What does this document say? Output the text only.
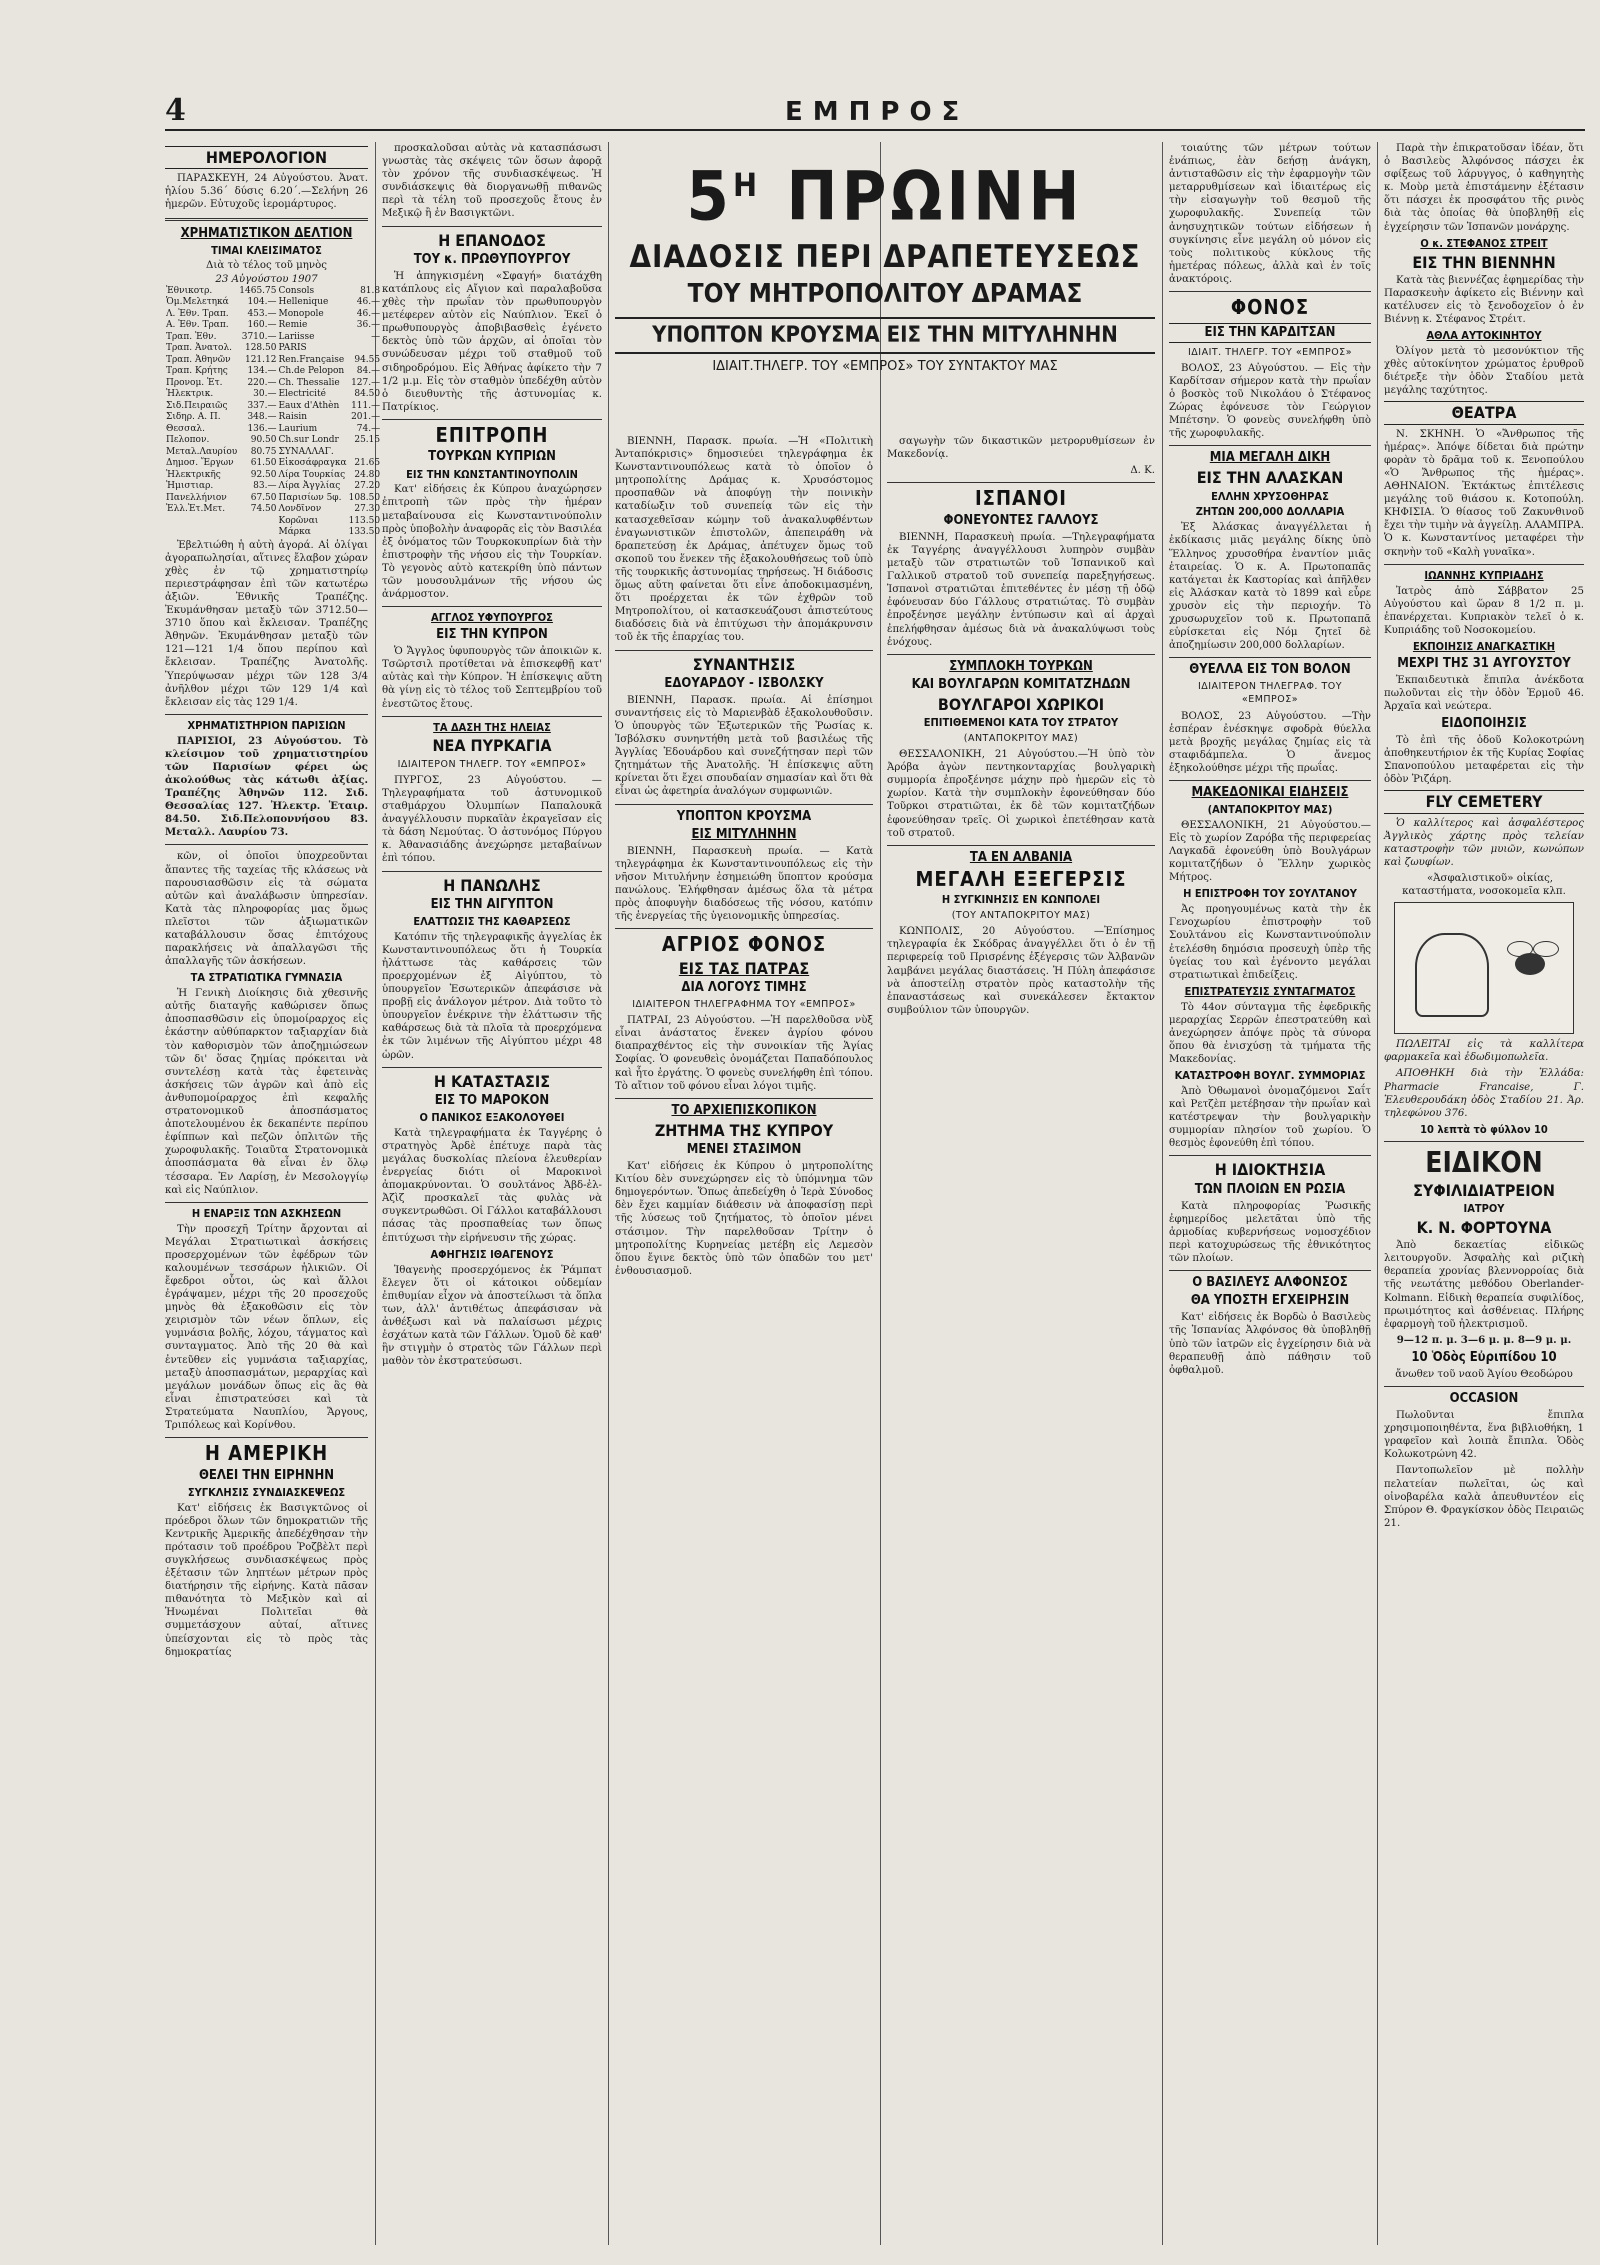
4	ΕΜΠΡΟΣ
ΗΜΕΡΟΛΟΓΙΟΝ

ΠΑΡΑΣΚΕΥΗ, 24 Αὐγούστου. Ἀνατ. ἡλίου 5.36΄ δύσις 6.20΄.—Σελήνη 26 ἡμερῶν. Εὐτυχοῦς ἱερομάρτυρος.

ΧΡΗΜΑΤΙΣΤΙΚΟΝ ΔΕΛΤΙΟΝ
ΤΙΜΑΙ ΚΛΕΙΣΙΜΑΤΟΣ
Διὰ τὸ τέλος τοῦ μηνὸς
23 Αὐγούστου 1907
Ἐθνικοτρ.	1465.75	Consols	81.8
Ὁμ.Μελετηκά	104.—	Hellenique	46.—
Λ. Ἐθν. Τραπ.	453.—	Monopole	46.—
Α. Ἐθν. Τραπ.	160.—	Remie	36.—
Τραπ. Ἐθν.	3710.—	Lariisse	—
Τραπ. Ἀνατολ.	128.50	PARIS	
Τραπ. Ἀθηνῶν	121.12	Ren.Française	94.55
Τραπ. Κρήτης	134.—	Ch.de Pelopon	84.—
Προνομ. Ἑτ.	220.—	Ch. Thessalie	127.—
Ἠλεκτρικ.	30.—	Electricité	84.50
Σιδ.Πειραιῶς	337.—	Eaux d'Athèn	111.—
Σιδηρ. Α. Π.	348.—	Raisin	201.—
Θεσσαλ.	136.—	Laurium	74.—
Πελοπον.	90.50	Ch.sur Londr	25.15
Μεταλ.Λαυρίου	80.75	ΣΥΝΑΛΛΑΓ.	
Δημοσ. Ἔργων	61.50	Εἰκοσάφραγκα	21.65
Ἠλεκτρικῆς	92.50	Λίρα Τουρκίας	24.80
Ἠμιστιαρ.	83.—	Λίρα Ἀγγλίας	27.20
Πανελλήνιον	67.50	Παρισίων 5φ.	108.50
Ἑλλ.Ἐτ.Μετ.	74.50	Λονδῖνον	27.30
		Κορῶναι	113.50
		Μάρκα	133.50

Ἐβελτιώθη ἡ αὐτὴ ἀγορά. Αἱ ὀλίγαι ἀγοραπωλησίαι, αἵτινες ἔλαβον χώραν χθὲς ἐν τῷ χρηματιστηρίῳ περιεστράφησαν ἐπὶ τῶν κατωτέρω ἀξιῶν. Ἐθνικῆς Τραπέζης. Ἐκυμάνθησαν μεταξὺ τῶν 3712.50—3710 ὅπου καὶ ἔκλεισαν. Τραπέζης Ἀθηνῶν. Ἐκυμάνθησαν μεταξὺ τῶν 121—121 1/4 ὅπου περίπου καὶ ἔκλεισαν. Τραπέζης Ἀνατολῆς. Ὑπερύψωσαν μέχρι τῶν 128 3/4 ἀνῆλθον μέχρι τῶν 129 1/4 καὶ ἔκλεισαν εἰς τὰς 129 1/4.

ΧΡΗΜΑΤΙΣΤΗΡΙΟΝ ΠΑΡΙΣΙΩΝ

ΠΑΡΙΣΙΟΙ, 23 Αὐγούστου. Τὸ κλείσιμον τοῦ χρηματιστηρίου τῶν Παρισίων φέρει ὡς ἀκολούθως τὰς κάτωθι ἀξίας. Τραπέζης Ἀθηνῶν 112. Σιδ. Θεσσαλίας 127. Ἠλεκτρ. Ἑταιρ. 84.50. Σιδ.Πελοποννήσου 83. Μεταλλ. Λαυρίου 73.

κῶν, οἱ ὁποῖοι ὑποχρεοῦνται ἅπαντες τῆς ταχείας τῆς κλάσεως νὰ παρουσιασθῶσιν εἰς τὰ σώματα αὐτῶν καὶ ἀναλάβωσιν ὑπηρεσίαν. Κατὰ τὰς πληροφορίας μας ὅμως πλεῖστοι τῶν ἀξιωματικῶν καταβάλλουσιν ὅσας ἐπιτόχους παρακλήσεις νὰ ἀπαλλαγῶσι τῆς ἀπαλλαγῆς τῶν ἀσκήσεων.

ΤΑ ΣΤΡΑΤΙΩΤΙΚΑ ΓΥΜΝΑΣΙΑ

Ἡ Γενικὴ Διοίκησις διὰ χθεσινῆς αὐτῆς διαταγῆς καθώρισεν ὅπως ἀποσπασθῶσιν εἰς ὑπομοίραρχος εἰς ἑκάστην αὐθύπαρκτον ταξιαρχίαν διὰ τὸν καθορισμὸν τῶν ἀποζημιώσεων τῶν δι' ὅσας ζημίας πρόκειται νὰ συντελέσῃ κατὰ τὰς ἐφετεινὰς ἀσκήσεις τῶν ἀγρῶν καὶ ἀπὸ εἰς ἀνθυπομοίραρχος ἐπὶ κεφαλῆς στρατονομικοῦ ἀποσπάσματος ἀποτελουμένου ἐκ δεκαπέντε περίπου ἐφίππων καὶ πεζῶν ὁπλιτῶν τῆς χωροφυλακῆς. Τοιαῦτα Στρατονομικὰ ἀποσπάσματα θὰ εἶναι ἐν ὅλῳ τέσσαρα. Ἐν Λαρίσῃ, ἐν Μεσολογγίῳ καὶ εἰς Ναύπλιον.

Η ΕΝΑΡΞΙΣ ΤΩΝ ΑΣΚΗΣΕΩΝ

Τὴν προσεχῆ Τρίτην ἄρχονται αἱ Μεγάλαι Στρατιωτικαὶ ἀσκήσεις προσερχομένων τῶν ἐφέδρων τῶν καλουμένων τεσσάρων ἡλικιῶν. Οἱ ἔφεδροι οὗτοι, ὡς καὶ ἄλλοι ἐγράψαμεν, μέχρι τῆς 20 προσεχοῦς μηνὸς θὰ ἐξακοθῶσιν εἰς τὸν χειρισμὸν τῶν νέων ὅπλων, εἰς γυμνάσια βολῆς, λόχου, τάγματος καὶ συνταγματος. Ἀπὸ τῆς 20 θὰ καὶ ἐντεῦθεν εἰς γυμνάσια ταξιαρχίας, μεταξὺ ἀποσπασμάτων, μεραρχίας καὶ μεγάλων μονάδων ὅπως εἰς ἃς θὰ εἶναι ἐπιστρατεύσει καὶ τὰ Στρατεύματα Ναυπλίου, Ἄργους, Τριπόλεως καὶ Κορίνθου.

Η ΑΜΕΡΙΚΗ
ΘΕΛΕΙ ΤΗΝ ΕΙΡΗΝΗΝ
ΣΥΓΚΛΗΣΙΣ ΣΥΝΔΙΑΣΚΕΨΕΩΣ

Κατ' εἰδήσεις ἐκ Βασιγκτῶνος οἱ πρόεδροι ὅλων τῶν δημοκρατιῶν τῆς Κεντρικῆς Ἀμερικῆς ἀπεδέχθησαν τὴν πρότασιν τοῦ προέδρου Ῥοζβὲλτ περὶ συγκλήσεως συνδιασκέψεως πρὸς ἐξέτασιν τῶν ληπτέων μέτρων πρὸς διατήρησιν τῆς εἰρήνης. Κατὰ πᾶσαν πιθανότητα τὸ Μεξικὸν καὶ αἱ Ἡνωμέναι Πολιτεῖαι θὰ συμμετάσχουν αὐταί, αἵτινες ὑπείσχονται εἰς τὸ πρὸς τὰς δημοκρατίας

προσκαλοῦσαι αὐτὰς νὰ κατασπάσωσι γνωστὰς τὰς σκέψεις τῶν ὅσων ἀφορᾷ τὸν χρόνον τῆς συνδιασκέψεως. Ἡ συνδιάσκεψις θὰ διοργανωθῇ πιθανῶς περὶ τὰ τέλη τοῦ προσεχοῦς ἔτους ἐν Μεξικῷ ἢ ἐν Βασιγκτῶνι.

Η ΕΠΑΝΟΔΟΣ
ΤΟΥ κ. ΠΡΩΘΥΠΟΥΡΓΟΥ

Ἡ ἀπηγκισμένη «Σφαγή» διατάχθη κατάπλους εἰς Αἴγιον καὶ παραλαβοῦσα χθὲς τὴν πρωΐαν τὸν πρωθυπουργὸν μετέφερεν αὐτὸν εἰς Ναύπλιον. Ἐκεῖ ὁ πρωθυπουργὸς ἀποβιβασθεὶς ἐγένετο δεκτὸς ὑπὸ τῶν ἀρχῶν, αἱ ὁποῖαι τὸν συνώδευσαν μέχρι τοῦ σταθμοῦ τοῦ σιδηροδρόμου. Εἰς Ἀθήνας ἀφίκετο τὴν 7 1/2 μ.μ. Εἰς τὸν σταθμὸν ὑπεδέχθη αὐτὸν ὁ διευθυντὴς τῆς ἀστυνομίας κ. Πατρίκιος.

ΕΠΙΤΡΟΠΗ
ΤΟΥΡΚΩΝ ΚΥΠΡΙΩΝ
ΕΙΣ ΤΗΝ ΚΩΝΣΤΑΝΤΙΝΟΥΠΟΛΙΝ

Κατ' εἰδήσεις ἐκ Κύπρου ἀναχώρησεν ἐπιτροπὴ τῶν πρὸς τὴν ἡμέραν μεταβαίνουσα εἰς Κωνσταντινούπολιν πρὸς ὑποβολὴν ἀναφορᾶς εἰς τὸν Βασιλέα ἐξ ὀνόματος τῶν Τουρκοκυπρίων διὰ τὴν ἐπιστροφὴν τῆς νήσου εἰς τὴν Τουρκίαν. Τὸ γεγονὸς αὐτὸ κατεκρίθη ὑπὸ πάντων τῶν μουσουλμάνων τῆς νήσου ὡς ἀνάρμοστον.

ΑΓΓΛΟΣ ΥΦΥΠΟΥΡΓΟΣ
ΕΙΣ ΤΗΝ ΚΥΠΡΟΝ

Ὁ Ἄγγλος ὑφυπουργὸς τῶν ἀποικιῶν κ. Τσῶρτσιλ προτίθεται νὰ ἐπισκεφθῇ κατ' αὐτὰς καὶ τὴν Κύπρον. Ἡ ἐπίσκεψις αὕτη θὰ γίνῃ εἰς τὸ τέλος τοῦ Σεπτεμβρίου τοῦ ἐνεστῶτος ἔτους.

ΤΑ ΔΑΣΗ ΤΗΣ ΗΛΕΙΑΣ
ΝΕΑ ΠΥΡΚΑΓΙΑ
ΙΔΙΑΙΤΕΡΟΝ ΤΗΛΕΓΡ. ΤΟΥ «ΕΜΠΡΟΣ»

ΠΥΡΓΟΣ, 23 Αὐγούστου. —Τηλεγραφήματα τοῦ ἀστυνομικοῦ σταθμάρχου Ὀλυμπίων Παπαλουκᾶ ἀναγγέλλουσιν πυρκαϊὰν ἐκραγεῖσαν εἰς τὰ δάση Νεμούτας. Ὁ ἀστυνόμος Πύργου κ. Ἀθανασιάδης ἀνεχώρησε μεταβαίνων ἐπὶ τόπου.

Η ΠΑΝΩΛΗΣ
ΕΙΣ ΤΗΝ ΑΙΓΥΠΤΟΝ
ΕΛΑΤΤΩΣΙΣ ΤΗΣ ΚΑΘΑΡΣΕΩΣ

Κατόπιν τῆς τηλεγραφικῆς ἀγγελίας ἐκ Κωνσταντινουπόλεως ὅτι ἡ Τουρκία ἠλάττωσε τὰς καθάρσεις τῶν προερχομένων ἐξ Αἰγύπτου, τὸ ὑπουργεῖον Ἐσωτερικῶν ἀπεφάσισε νὰ προβῇ εἰς ἀνάλογον μέτρον. Διὰ τοῦτο τὸ ὑπουργεῖον ἐνέκρινε τὴν ἐλάττωσιν τῆς καθάρσεως διὰ τὰ πλοῖα τὰ προερχόμενα ἐκ τῶν λιμένων τῆς Αἰγύπτου μέχρι 48 ὡρῶν.

Η ΚΑΤΑΣΤΑΣΙΣ
ΕΙΣ ΤΟ ΜΑΡΟΚΟΝ
Ο ΠΑΝΙΚΟΣ ΕΞΑΚΟΛΟΥΘΕΙ

Κατὰ τηλεγραφήματα ἐκ Ταγγέρης ὁ στρατηγὸς Ἀρδὲ ἐπέτυχε παρὰ τὰς μεγάλας δυσκολίας πλείονα ἐλευθερίαν ἐνεργείας διότι οἱ Μαροκινοὶ ἀπομακρύνονται. Ὁ σουλτάνος Ἀβδ-ἐλ-Ἀζὶζ προσκαλεῖ τὰς φυλὰς νὰ συγκεντρωθῶσι. Οἱ Γάλλοι καταβάλλουσι πάσας τὰς προσπαθείας των ὅπως ἐπιτύχωσι τὴν εἰρήνευσιν τῆς χώρας.

ΑΦΗΓΗΣΙΣ ΙΘΑΓΕΝΟΥΣ

Ἰθαγενὴς προσερχόμενος ἐκ Ῥάμπατ ἔλεγεν ὅτι οἱ κάτοικοι οὐδεμίαν ἐπιθυμίαν εἶχον νὰ ἀποστείλωσι τὰ ὅπλα των, ἀλλ' ἀντιθέτως ἀπεφάσισαν νὰ ἀνθέξωσι καὶ νὰ παλαίσωσι μέχρις ἐσχάτων κατὰ τῶν Γάλλων. Ὁμοῦ δὲ καθ' ἣν στιγμὴν ὁ στρατὸς τῶν Γάλλων περὶ μαθὸν τὸν ἐκστρατεύσωσι.

$5^H$ ΠΡΩΙΝΗ
ΔΙΑΔΟΣΙΣ ΠΕΡΙ ΔΡΑΠΕΤΕΥΣΕΩΣ
ΤΟΥ ΜΗΤΡΟΠΟΛΙΤΟΥ ΔΡΑΜΑΣ
ΥΠΟΠΤΟΝ ΚΡΟΥΣΜΑ ΕΙΣ ΤΗΝ ΜΙΤΥΛΗΝΗΝ
ΙΔΙΑΙΤ.ΤΗΛΕΓΡ. ΤΟΥ «ΕΜΠΡΟΣ» ΤΟΥ ΣΥΝΤΑΚΤΟΥ ΜΑΣ

ΒΙΕΝΝΗ, Παρασκ. πρωία. —Ἡ «Πολιτικὴ Ἀνταπόκρισις» δημοσιεύει τηλεγράφημα ἐκ Κωνσταντινουπόλεως κατὰ τὸ ὁποῖον ὁ μητροπολίτης Δράμας κ. Χρυσόστομος προσπαθῶν νὰ ἀποφύγῃ τὴν ποινικὴν καταδίωξιν τοῦ συνεπείᾳ τῶν εἰς τὴν κατασχεθεῖσαν κώμην τοῦ ἀνακαλυφθέντων ἐναγωνιστικῶν ἐπιστολῶν, ἀπεπειράθη νὰ δραπετεύσῃ ἐκ Δράμας, ἀπέτυχεν ὅμως τοῦ σκοποῦ του ἕνεκεν τῆς ἐξακολουθήσεως τοῦ ὑπὸ τῆς τουρκικῆς ἀστυνομίας τηρήσεως. Ἡ διάδοσις ὅμως αὕτη φαίνεται ὅτι εἶνε ἀποδοκιμασμένη, ὅτι προέρχεται ἐκ τῶν ἐχθρῶν τοῦ Μητροπολίτου, οἱ κατασκευάζουσι ἀπιστεύτους διαδόσεις διὰ νὰ ἐπιτύχωσι τὴν ἀπομάκρυνσιν τοῦ ἐκ τῆς ἐπαρχίας του.

ΣΥΝΑΝΤΗΣΙΣ
ΕΔΟΥΑΡΔΟΥ - ΙΣΒΟΛΣΚΥ

ΒΙΕΝΝΗ, Παρασκ. πρωία. Αἱ ἐπίσημοι συναντήσεις εἰς τὸ Μαριενβὰδ ἐξακολουθοῦσιν. Ὁ ὑπουργὸς τῶν Ἐξωτερικῶν τῆς Ῥωσίας κ. Ἰσβόλσκυ συνηντήθη μετὰ τοῦ βασιλέως τῆς Ἀγγλίας Ἐδουάρδου καὶ συνεζήτησαν περὶ τῶν ζητημάτων τῆς Ἀνατολῆς. Ἡ ἐπίσκεψις αὕτη κρίνεται ὅτι ἔχει σπουδαίαν σημασίαν καὶ ὅτι θὰ εἶναι ὡς ἀφετηρία ἀναλόγων συμφωνιῶν.

ΥΠΟΠΤΟΝ ΚΡΟΥΣΜΑ
ΕΙΣ ΜΙΤΥΛΗΝΗΝ

ΒΙΕΝΝΗ, Παρασκευὴ πρωία. — Κατὰ τηλεγράφημα ἐκ Κωνσταντινουπόλεως εἰς τὴν νῆσον Μιτυλήνην ἐσημειώθη ὕποπτον κρούσμα πανώλους. Ἐλήφθησαν ἀμέσως ὅλα τὰ μέτρα πρὸς ἀποφυγὴν διαδόσεως τῆς νόσου, κατόπιν τῆς ἐνεργείας τῆς ὑγειονομικῆς ὑπηρεσίας.

ΑΓΡΙΟΣ ΦΟΝΟΣ
ΕΙΣ ΤΑΣ ΠΑΤΡΑΣ
ΔΙΑ ΛΟΓΟΥΣ ΤΙΜΗΣ
ΙΔΙΑΙΤΕΡΟΝ ΤΗΛΕΓΡΑΦΗΜΑ ΤΟΥ «ΕΜΠΡΟΣ»

ΠΑΤΡΑΙ, 23 Αὐγούστου. —Ἡ παρελθοῦσα νὺξ εἶναι ἀνάστατος ἕνεκεν ἀγρίου φόνου διαπραχθέντος εἰς τὴν συνοικίαν τῆς Ἁγίας Σοφίας. Ὁ φονευθεὶς ὀνομάζεται Παπαδόπουλος καὶ ἦτο ἐργάτης. Ὁ φονεὺς συνελήφθη ἐπὶ τόπου. Τὸ αἴτιον τοῦ φόνου εἶναι λόγοι τιμῆς.

ΤΟ ΑΡΧΙΕΠΙΣΚΟΠΙΚΟΝ
ΖΗΤΗΜΑ ΤΗΣ ΚΥΠΡΟΥ
ΜΕΝΕΙ ΣΤΑΣΙΜΟΝ

Κατ' εἰδήσεις ἐκ Κύπρου ὁ μητροπολίτης Κιτίου δὲν συνεχώρησεν εἰς τὸ ὑπόμνημα τῶν δημογερόντων. Ὅπως ἀπεδείχθη ὁ Ἱερὰ Σύνοδος δὲν ἔχει καμμίαν διάθεσιν νὰ ἀποφασίσῃ περὶ τῆς λύσεως τοῦ ζητήματος, τὸ ὁποῖον μένει στάσιμον. Τὴν παρελθοῦσαν Τρίτην ὁ μητροπολίτης Κυρηνείας μετέβη εἰς Λεμεσὸν ὅπου ἔγινε δεκτὸς ὑπὸ τῶν ὀπαδῶν του μετ' ἐνθουσιασμοῦ.

σαγωγὴν τῶν δικαστικῶν μετρορυθμίσεων ἐν Μακεδονίᾳ.

Δ. Κ.
ΙΣΠΑΝΟΙ
ΦΟΝΕΥΟΝΤΕΣ ΓΑΛΛΟΥΣ

ΒΙΕΝΝΗ, Παρασκευὴ πρωία. —Τηλεγραφήματα ἐκ Ταγγέρης ἀναγγέλλουσι λυπηρὸν συμβὰν μεταξὺ τῶν στρατιωτῶν τοῦ Ἱσπανικοῦ καὶ Γαλλικοῦ στρατοῦ τοῦ συνεπείᾳ παρεξηγήσεως. Ἱσπανοὶ στρατιῶται ἐπιτεθέντες ἐν μέσῃ τῇ ὁδῷ ἐφόνευσαν δύο Γάλλους στρατιώτας. Τὸ συμβὰν ἐπροξένησε μεγάλην ἐντύπωσιν καὶ αἱ ἀρχαὶ ἐπελήφθησαν ἀμέσως διὰ νὰ ἀνακαλύψωσι τοὺς ἐνόχους.

ΣΥΜΠΛΟΚΗ ΤΟΥΡΚΩΝ
ΚΑΙ ΒΟΥΛΓΑΡΩΝ ΚΟΜΙΤΑΤΖΗΔΩΝ
ΒΟΥΛΓΑΡΟΙ ΧΩΡΙΚΟΙ
ΕΠΙΤΙΘΕΜΕΝΟΙ ΚΑΤΑ ΤΟΥ ΣΤΡΑΤΟΥ
(ΑΝΤΑΠΟΚΡΙΤΟΥ ΜΑΣ)

ΘΕΣΣΑΛΟΝΙΚΗ, 21 Αὐγούστου.—Ἡ ὑπὸ τὸν Ἀρόβα ἀγὼν πεντηκονταρχίας βουλγαρικὴ συμμορία ἐπροξένησε μάχην πρὸ ἡμερῶν εἰς τὸ χωρίον. Κατὰ τὴν συμπλοκὴν ἐφονεύθησαν δύο Τοῦρκοι στρατιῶται, ἐκ δὲ τῶν κομιτατζήδων ἐφονεύθησαν τρεῖς. Οἱ χωρικοὶ ἐπετέθησαν κατὰ τοῦ στρατοῦ.

ΤΑ ΕΝ ΑΛΒΑΝΙΑ
ΜΕΓΑΛΗ ΕΞΕΓΕΡΣΙΣ
Η ΣΥΓΚΙΝΗΣΙΣ ΕΝ ΚΩΝΠΟΛΕΙ
(ΤΟΥ ΑΝΤΑΠΟΚΡΙΤΟΥ ΜΑΣ)

ΚΩΝΠΟΛΙΣ, 20 Αὐγούστου. —Ἐπίσημος τηλεγραφία ἐκ Σκόδρας ἀναγγέλλει ὅτι ὁ ἐν τῇ περιφερείᾳ τοῦ Πρισρένης ἐξέγερσις τῶν Ἀλβανῶν λαμβάνει μεγάλας διαστάσεις. Ἡ Πύλη ἀπεφάσισε νὰ ἀποστείλῃ στρατὸν πρὸς καταστολὴν τῆς ἐπαναστάσεως καὶ συνεκάλεσεν ἔκτακτον συμβούλιον τῶν ὑπουργῶν.

τοιαύτης τῶν μέτρων τούτων ἐνάπιως, ἐὰν δεήσῃ ἀνάγκη, ἀντισταθῶσιν εἰς τὴν ἐφαρμογὴν τῶν μεταρρυθμίσεων καὶ ἰδιαιτέρως εἰς τὴν εἰσαγωγὴν τοῦ θεσμοῦ τῆς χωροφυλακῆς. Συνεπείᾳ τῶν ἀνησυχητικῶν τούτων εἰδήσεων ἡ συγκίνησις εἶνε μεγάλη οὐ μόνον εἰς τοὺς πολιτικοὺς κύκλους τῆς ἡμετέρας πόλεως, ἀλλὰ καὶ ἐν τοῖς ἀνακτόροις.

ΦΟΝΟΣ
ΕΙΣ ΤΗΝ ΚΑΡΔΙΤΣΑΝ
ΙΔΙΑΙΤ. ΤΗΛΕΓΡ. ΤΟΥ «ΕΜΠΡΟΣ»

ΒΟΛΟΣ, 23 Αὐγούστου. — Εἰς τὴν Καρδίτσαν σήμερον κατὰ τὴν πρωΐαν ὁ βοσκὸς τοῦ Νικολάου ὁ Στέφανος Ζώρας ἐφόνευσε τὸν Γεώργιον Μπέτσην. Ὁ φονεὺς συνελήφθη ὑπὸ τῆς χωροφυλακῆς.

ΜΙΑ ΜΕΓΑΛΗ ΔΙΚΗ
ΕΙΣ ΤΗΝ ΑΛΑΣΚΑΝ
ΕΛΛΗΝ ΧΡΥΣΟΘΗΡΑΣ
ΖΗΤΩΝ 200,000 ΔΟΛΛΑΡΙΑ

Ἐξ Ἀλάσκας ἀναγγέλλεται ἡ ἐκδίκασις μιᾶς μεγάλης δίκης ὑπὸ Ἕλληνος χρυσοθήρα ἐναντίον μιᾶς ἑταιρείας. Ὁ κ. Α. Πρωτοπαπᾶς κατάγεται ἐκ Καστορίας καὶ ἀπῆλθεν εἰς Ἀλάσκαν κατὰ τὸ 1899 καὶ εὗρε χρυσὸν εἰς τὴν περιοχήν. Τὸ χρυσωρυχεῖον τοῦ κ. Πρωτοπαπᾶ εὑρίσκεται εἰς Νόμ ζητεῖ δὲ ἀποζημίωσιν 200,000 δολλαρίων.

ΘΥΕΛΛΑ ΕΙΣ ΤΟΝ ΒΟΛΟΝ
ΙΔΙΑΙΤΕΡΟΝ ΤΗΛΕΓΡΑΦ. ΤΟΥ «ΕΜΠΡΟΣ»

ΒΟΛΟΣ, 23 Αὐγούστου. —Τὴν ἑσπέραν ἐνέσκηψε σφοδρὰ θύελλα μετὰ βροχῆς μεγάλας ζημίας εἰς τὰ σταφιδάμπελα. Ὁ ἄνεμος ἐξηκολούθησε μέχρι τῆς πρωΐας.

ΜΑΚΕΔΟΝΙΚΑΙ ΕΙΔΗΣΕΙΣ
(ΑΝΤΑΠΟΚΡΙΤΟΥ ΜΑΣ)

ΘΕΣΣΑΛΟΝΙΚΗ, 21 Αὐγούστου.—Εἰς τὸ χωρίον Ζαρόβα τῆς περιφερείας Λαγκαδᾶ ἐφονεύθη ὑπὸ Βουλγάρων κομιτατζήδων ὁ Ἕλλην χωρικὸς Μήτρος.

Η ΕΠΙΣΤΡΟΦΗ ΤΟΥ ΣΟΥΛΤΑΝΟΥ

Ἀς προηγουμένως κατὰ τὴν ἐκ Γενοχωρίου ἐπιστροφὴν τοῦ Σουλτάνου εἰς Κωνσταντινούπολιν ἐτελέσθη δημόσια προσευχὴ ὑπὲρ τῆς ὑγείας του καὶ ἐγένοντο μεγάλαι στρατιωτικαὶ ἐπιδείξεις.

ΕΠΙΣΤΡΑΤΕΥΣΙΣ ΣΥΝΤΑΓΜΑΤΟΣ

Τὸ 44ον σύνταγμα τῆς ἐφεδρικῆς μεραρχίας Σερρῶν ἐπεστρατεύθη καὶ ἀνεχώρησεν ἀπόψε πρὸς τὰ σύνορα ὅπου θὰ ἐνισχύσῃ τὰ τμήματα τῆς Μακεδονίας.

ΚΑΤΑΣΤΡΟΦΗ ΒΟΥΛΓ. ΣΥΜΜΟΡΙΑΣ

Ἀπὸ Ὀθωμανοὶ ὀνομαζόμενοι Σαΐτ καὶ Ρετζὲπ μετέβησαν τὴν πρωΐαν καὶ κατέστρεψαν τὴν βουλγαρικὴν συμμορίαν πλησίον τοῦ χωρίου. Ὁ θεσμὸς ἐφονεύθη ἐπὶ τόπου.

Η ΙΔΙΟΚΤΗΣΙΑ
ΤΩΝ ΠΛΟΙΩΝ ΕΝ ΡΩΣΙΑ

Κατὰ πληροφορίας Ῥωσικῆς ἐφημερίδος μελετᾶται ὑπὸ τῆς ἁρμοδίας κυβερνήσεως νομοσχέδιον περὶ κατοχυρώσεως τῆς ἐθνικότητος τῶν πλοίων.

Ο ΒΑΣΙΛΕΥΣ ΑΛΦΟΝΣΟΣ
ΘΑ ΥΠΟΣΤΗ ΕΓΧΕΙΡΗΣΙΝ

Κατ' εἰδήσεις ἐκ Βορδὼ ὁ Βασιλεὺς τῆς Ἱσπανίας Ἀλφόνσος θὰ ὑποβληθῇ ὑπὸ τῶν ἰατρῶν εἰς ἐγχείρησιν διὰ νὰ θεραπευθῇ ἀπὸ πάθησιν τοῦ ὀφθαλμοῦ.

Παρὰ τὴν ἐπικρατοῦσαν ἰδέαν, ὅτι ὁ Βασιλεὺς Ἀλφόνσος πάσχει ἐκ σφίξεως τοῦ λάρυγγος, ὁ καθηγητὴς κ. Μοὺρ μετὰ ἐπιστάμενην ἐξέτασιν ὅτι πάσχει ἐκ προσφάτου τῆς ρινὸς διὰ τὰς ὁποίας θὰ ὑποβληθῇ εἰς ἐγχείρησιν τῶν Ἱσπανῶν μονάρχης.

Ο κ. ΣΤΕΦΑΝΟΣ ΣΤΡΕΙΤ
ΕΙΣ ΤΗΝ ΒΙΕΝΝΗΝ

Κατὰ τὰς βιεννέζας ἐφημερίδας τὴν Παρασκευὴν ἀφίκετο εἰς Βιέννην καὶ κατέλυσεν εἰς τὸ ξενοδοχεῖον ὁ ἐν Βιέννῃ κ. Στέφανος Στρέιτ.

ΑΘΛΑ ΑΥΤΟΚΙΝΗΤΟΥ

Ὀλίγον μετὰ τὸ μεσονύκτιον τῆς χθὲς αὐτοκίνητον χρώματος ἐρυθροῦ διέτρεξε τὴν ὁδὸν Σταδίου μετὰ μεγάλης ταχύτητος.

ΘΕΑΤΡΑ

Ν. ΣΚΗΝΗ. Ὁ «Ἄνθρωπος τῆς ἡμέρας». Ἀπόψε δίδεται διὰ πρώτην φορὰν τὸ δρᾶμα τοῦ κ. Ξενοπούλου «Ὁ Ἄνθρωπος τῆς ἡμέρας». ΑΘΗΝΑΙΟΝ. Ἐκτάκτως ἐπιτέλεσις μεγάλης τοῦ θιάσου κ. Κοτοπούλη. ΚΗΦΙΣΙΑ. Ὁ θίασος τοῦ Ζακυνθινοῦ ἔχει τὴν τιμὴν νὰ ἀγγείλῃ. ΑΛΑΜΠΡΑ. Ὁ κ. Κωνσταντίνος μεταφέρει τὴν σκηνὴν τοῦ «Καλὴ γυναῖκα».

ΙΩΑΝΝΗΣ ΚΥΠΡΙΑΔΗΣ

Ἰατρὸς ἀπὸ Σάββατον 25 Αὐγούστου καὶ ὥραν 8 1/2 π. μ. ἐπανέρχεται. Κυπριακὸν τελεῖ ὁ κ. Κυπριάδης τοῦ Νοσοκομείου.

ΕΚΠΟΙΗΣΙΣ ΑΝΑΓΚΑΣΤΙΚΗ
ΜΕΧΡΙ ΤΗΣ 31 ΑΥΓΟΥΣΤΟΥ

Ἐκπαιδευτικὰ ἔπιπλα ἀνέκδοτα πωλοῦνται εἰς τὴν ὁδὸν Ἑρμοῦ 46. Ἀρχαῖα καὶ νεώτερα.

ΕΙΔΟΠΟΙΗΣΙΣ

Τὸ ἐπὶ τῆς ὁδοῦ Κολοκοτρώνη ἀποθηκευτήριον ἐκ τῆς Κυρίας Σοφίας Σπανοπούλου μεταφέρεται εἰς τὴν ὁδὸν Ῥιζάρη.

FLY CEMETERY

Ὁ καλλίτερος καὶ ἀσφαλέστερος Ἀγγλικὸς χάρτης πρὸς τελείαν καταστροφὴν τῶν μυιῶν, κωνώπων καὶ ζωυφίων.

«Ἀσφαλιστικοῦ» οἰκίας, καταστήματα, νοσοκομεῖα κλπ.

ΠΩΛΕΙΤΑΙ εἰς τὰ καλλίτερα φαρμακεῖα καὶ ἐδωδιμοπωλεῖα.

ΑΠΟΘΗΚΗ διὰ τὴν Ἑλλάδα: Pharmacie Francaise, Γ. Ἐλευθερουδάκη ὁδὸς Σταδίου 21. Ἀρ. τηλεφώνου 376.

10 λεπτὰ τὸ φύλλον 10
ΕΙΔΙΚΟΝ
ΣΥΦΙΛΙΔΙΑΤΡΕΙΟΝ
ΙΑΤΡΟΥ
Κ. Ν. ΦΟΡΤΟΥΝΑ

Ἀπὸ δεκαετίας εἰδικῶς λειτουργοῦν. Ἀσφαλὴς καὶ ριζικὴ θεραπεία χρονίας βλεννορροίας διὰ τῆς νεωτάτης μεθόδου Oberlander-Kolmann. Εἰδικὴ θεραπεία συφιλίδος, πρωιμότητος καὶ ἀσθένειας. Πλήρης ἐφαρμογὴ τοῦ ἠλεκτρισμοῦ.

9—12 π. μ. 3—6 μ. μ. 8—9 μ. μ.
10 Ὁδὸς Εὐριπίδου 10
ἄνωθεν τοῦ ναοῦ Ἁγίου Θεοδώρου
OCCASION

Πωλοῦνται ἔπιπλα χρησιμοποιηθέντα, ἕνα βιβλιοθήκη, 1 γραφεῖον καὶ λοιπὰ ἔπιπλα. Ὁδὸς Κολωκοτρώνη 42.

Παντοπωλεῖον μὲ πολλὴν πελατείαν πωλεῖται, ὡς καὶ οἰνοβαρέλα καλὰ ἀπευθυντέον εἰς Σπύρον Θ. Φραγκίσκον ὁδὸς Πειραιῶς 21.
